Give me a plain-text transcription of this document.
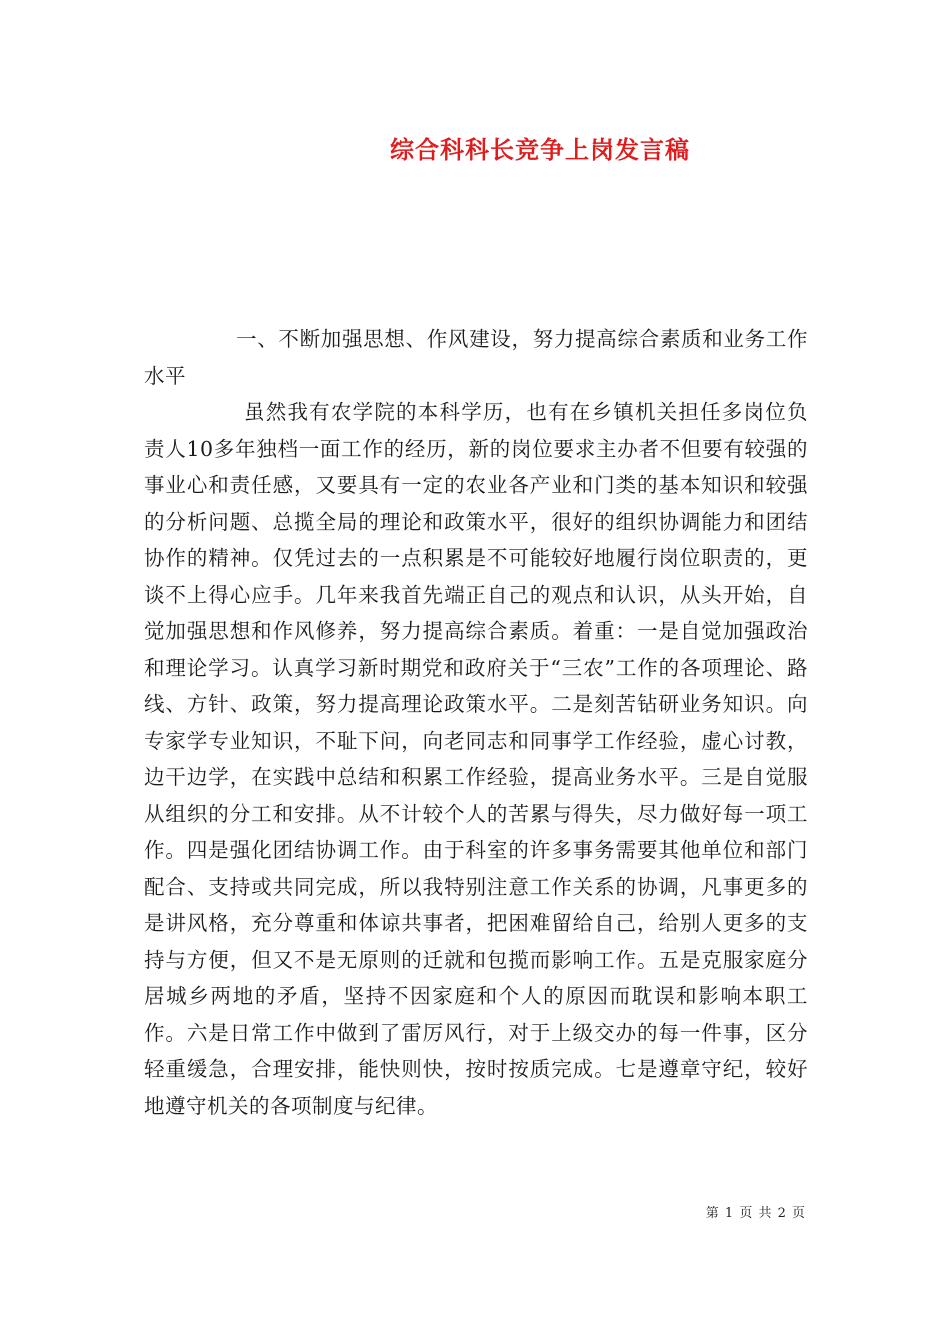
综合科科长竞争上岗发言稿

一、不断加强思想、作风建设，努力提高综合素质和业务工作水平

虽然我有农学院的本科学历，也有在乡镇机关担任多岗位负责人10多年独档一面工作的经历，新的岗位要求主办者不但要有较强的事业心和责任感，又要具有一定的农业各产业和门类的基本知识和较强的分析问题、总揽全局的理论和政策水平，很好的组织协调能力和团结协作的精神。仅凭过去的一点积累是不可能较好地履行岗位职责的，更谈不上得心应手。几年来我首先端正自己的观点和认识，从头开始，自觉加强思想和作风修养，努力提高综合素质。着重：一是自觉加强政治和理论学习。认真学习新时期党和政府关于“三农”工作的各项理论、路线、方针、政策，努力提高理论政策水平。二是刻苦钻研业务知识。向专家学专业知识，不耻下问，向老同志和同事学工作经验，虚心讨教，边干边学，在实践中总结和积累工作经验，提高业务水平。三是自觉服从组织的分工和安排。从不计较个人的苦累与得失，尽力做好每一项工作。四是强化团结协调工作。由于科室的许多事务需要其他单位和部门配合、支持或共同完成，所以我特别注意工作关系的协调，凡事更多的是讲风格，充分尊重和体谅共事者，把困难留给自己，给别人更多的支持与方便，但又不是无原则的迁就和包揽而影响工作。五是克服家庭分居城乡两地的矛盾，坚持不因家庭和个人的原因而耽误和影响本职工作。六是日常工作中做到了雷厉风行，对于上级交办的每一件事，区分轻重缓急，合理安排，能快则快，按时按质完成。七是遵章守纪，较好地遵守机关的各项制度与纪律。

第 1 页 共 2 页
